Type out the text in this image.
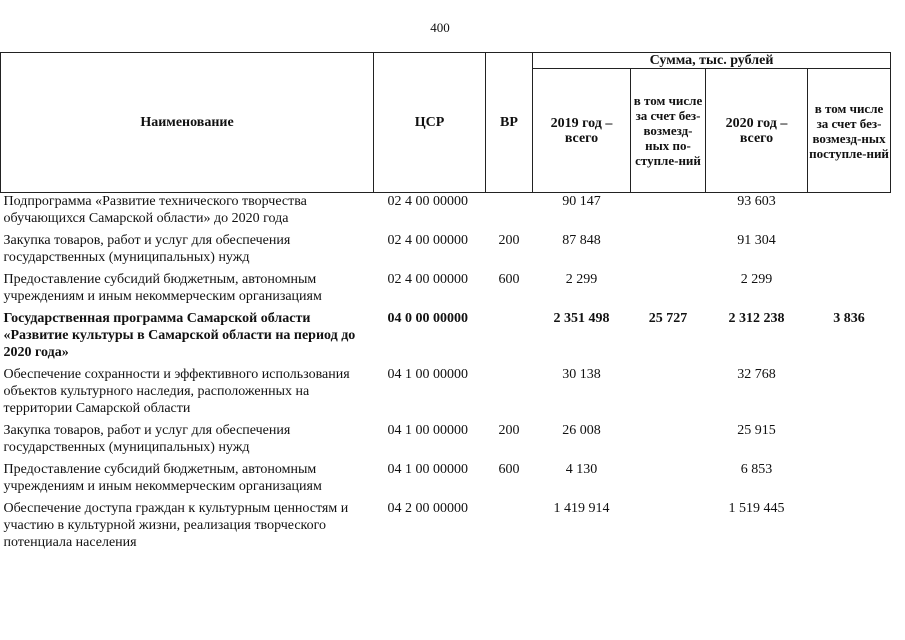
400
Наименование	ЦСР	ВР	Сумма, тыс. рублей			
			2019 год – всего	в том числе за счет без-возмезд-ных по-ступле-ний	2020 год – всего	в том числе за счет без-возмезд-ных поступле-ний
Подпрограмма «Развитие технического творчества обучающихся Самарской области» до 2020 года	02 4 00 00000		90 147		93 603	
Закупка товаров, работ и услуг для обеспечения государственных (муниципальных) нужд	02 4 00 00000	200	87 848		91 304	
Предоставление субсидий бюджетным, автономным учреждениям и иным некоммерческим организациям	02 4 00 00000	600	2 299		2 299	
Государственная программа Самарской области «Развитие культуры в Самарской области на период до 2020 года»	04 0 00 00000		2 351 498	25 727	2 312 238	3 836
Обеспечение сохранности и эффективного использования объектов культурного наследия, расположенных на территории Самарской области	04 1 00 00000		30 138		32 768	
Закупка товаров, работ и услуг для обеспечения государственных (муниципальных) нужд	04 1 00 00000	200	26 008		25 915	
Предоставление субсидий бюджетным, автономным учреждениям и иным некоммерческим организациям	04 1 00 00000	600	4 130		6 853	
Обеспечение доступа граждан к культурным ценностям и участию в культурной жизни, реализация творческого потенциала населения	04 2 00 00000		1 419 914		1 519 445	
